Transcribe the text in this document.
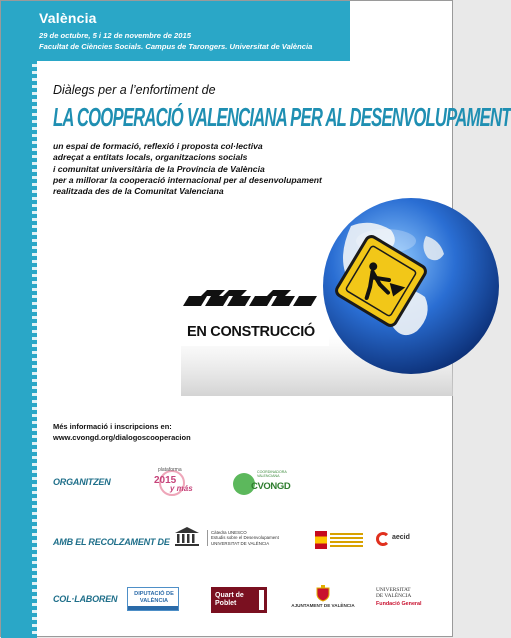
València
29 de octubre, 5 i 12 de novembre de 2015
Facultat de Ciències Socials. Campus de Tarongers. Universitat de València
Diàlegs per a l’enfortiment de
LA COOPERACIÓ VALENCIANA PER AL DESENVOLUPAMENT
un espai de formació, reflexió i proposta col·lectiva
adreçat a entitats locals, organitzacions socials
i comunitat universitària de la Província de València
per a millorar la cooperació internacional per al desenvolupament
realitzada des de la Comunitat Valenciana
EN CONSTRUCCIÓ
Més informació i inscripcions en:
www.cvongd.org/dialogoscooperacion
ORGANITZEN
plataforma
2015
y más
COORDINADORA VALENCIANA
CVONGD
AMB EL RECOLZAMENT DE
Càtedra UNESCO
Estudis sobre el Desenvolupament
UNIVERSITAT DE VALÈNCIA
aecid
COL·LABOREN	DIPUTACIÓ DE VALÈNCIA
Quart de Poblet	AJUNTAMENT DE VALÈNCIA
UNIVERSITAT DE VALÈNCIA
Fundació General
